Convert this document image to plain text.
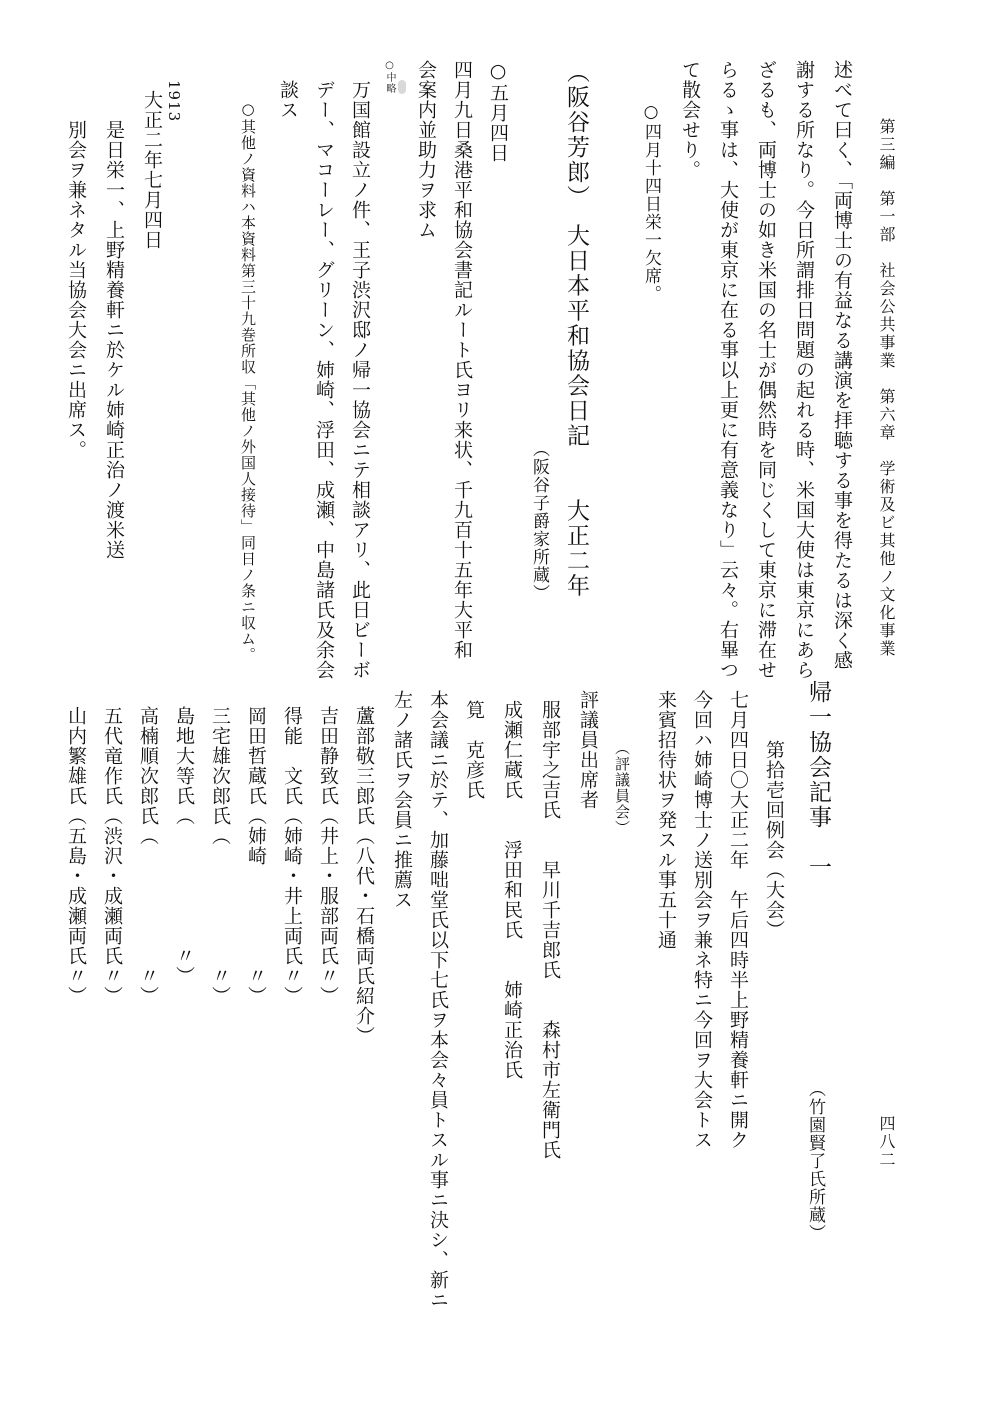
第三編　第一部　社会公共事業　第六章　学術及ビ其他ノ文化事業
四八二
述べて曰く、「両博士の有益なる講演を拝聴する事を得たるは深く感
謝する所なり。今日所謂排日問題の起れる時、米国大使は東京にあら
ざるも、両博士の如き米国の名士が偶然時を同じくして東京に滞在せ
らるゝ事は、大使が東京に在る事以上更に有意義なり」云々。右畢つ
て散会せり。
○四月十四日栄一欠席。
（阪谷子爵家所蔵） （阪谷芳郎）　大日本平和協会日記　　大正二年
○五月四日
四月九日桑港平和協会書記ルート氏ヨリ来状、千九百十五年大平和
会案内並助力ヲ求ム
○中略
万国館設立ノ件、王子渋沢邸ノ帰一協会ニテ相談アリ、此日ビーボ
デー、マコーレー、グリーン、姉崎、浮田、成瀬、中島諸氏及余会
談ス
○其他ノ資料ハ本資料第三十九巻所収「其他ノ外国人接待」同日ノ条ニ収ム。
1913
大正二年七月四日
是日栄一、上野精養軒ニ於ケル姉崎正治ノ渡米送
別会ヲ兼ネタル当協会大会ニ出席ス。
帰一協会記事　一
（竹園賢了氏所蔵）
第拾壱回例会（大会）
七月四日〇大正二年　午后四時半上野精養軒ニ開ク
今回ハ姉崎博士ノ送別会ヲ兼ネ特ニ今回ヲ大会トス
来賓招待状ヲ発スル事五十通
（評議員会）
評議員出席者
服部宇之吉氏　　早川千吉郎氏　　森村市左衛門氏
成瀬仁蔵氏　　浮田和民氏　　姉崎正治氏
筧　克彦氏
本会議ニ於テ、加藤咄堂氏以下七氏ヲ本会々員トスル事ニ決シ、新ニ
左ノ諸氏ヲ会員ニ推薦ス
蘆部敬三郎氏（八代・石橋両氏紹介）
吉田静致氏（井上・服部両氏〃）
得能　文氏（姉崎・井上両氏〃）
岡田哲蔵氏（姉崎　　　　　〃）
三宅雄次郎氏（　　　　　　〃）
島地大等氏（　　　　　　〃）
高楠順次郎氏（　　　　　　〃）
五代竜作氏（渋沢・成瀬両氏〃）
山内繁雄氏（五島・成瀬両氏〃）
